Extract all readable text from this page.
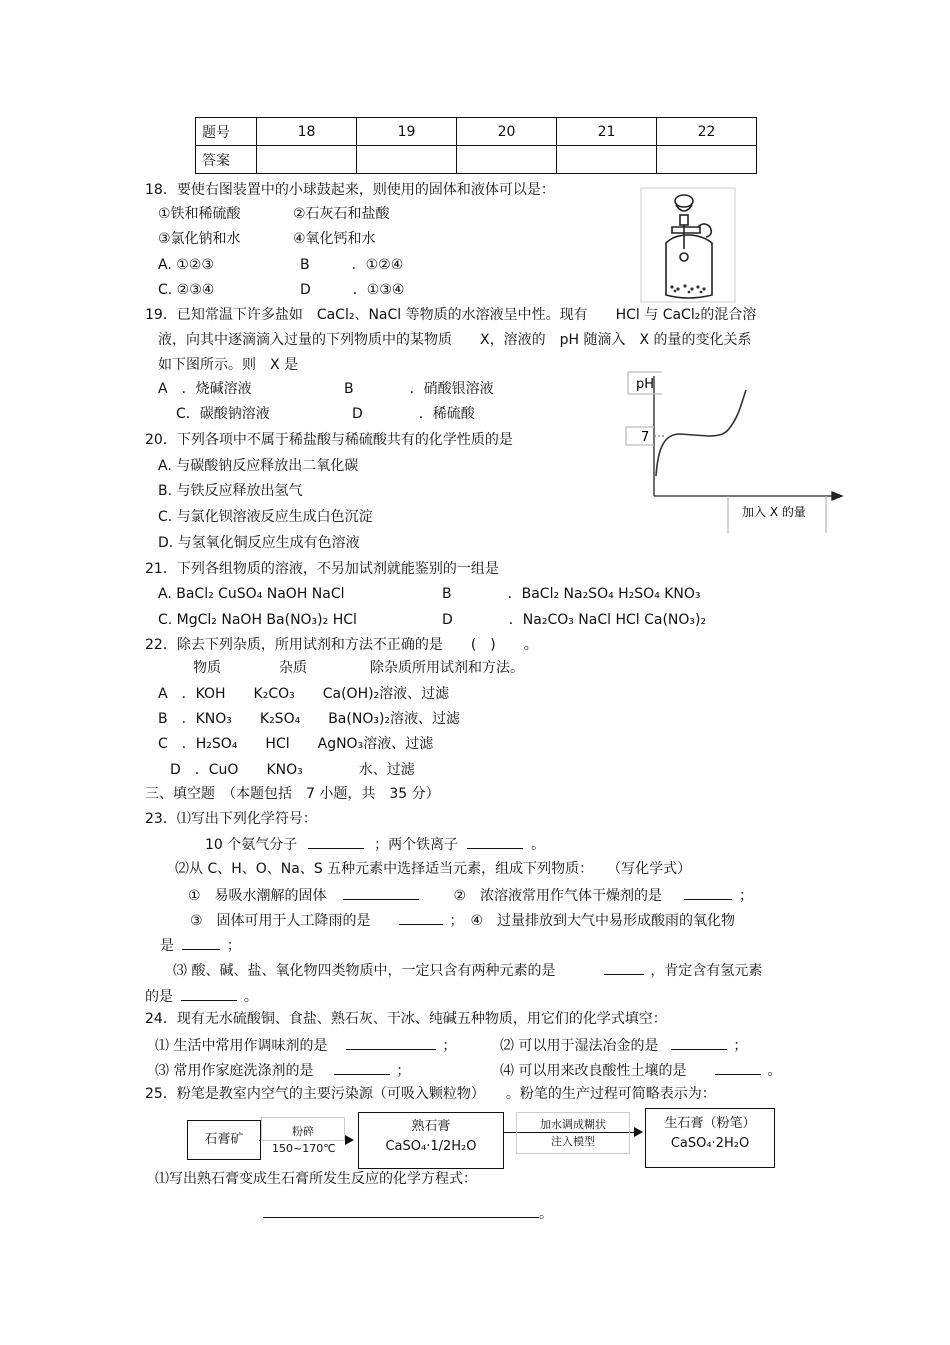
题号	18	19	20	21	22
答案					
18．要使右图装置中的小球鼓起来，则使用的固体和液体可以是：
①铁和稀硫酸	②石灰石和盐酸
③氯化钠和水	④氧化钙和水
A. ①②③	B　　　．①②④
C. ②③④	D　　　．①③④
19．已知常温下许多盐如　CaCl₂、NaCl 等物质的水溶液呈中性。现有　　HCl 与 CaCl₂的混合溶
液，向其中逐滴滴入过量的下列物质中的某物质　　X，溶液的　pH 随滴入　X 的量的变化关系
如下图所示。则　X 是
A　．烧碱溶液	B　　　　．硝酸银溶液
C．碳酸钠溶液	D　　　　．稀硫酸
pH
7
加入 X 的量
20．下列各项中不属于稀盐酸与稀硫酸共有的化学性质的是
A. 与碳酸钠反应释放出二氧化碳
B. 与铁反应释放出氢气
C. 与氯化钡溶液反应生成白色沉淀
D. 与氢氧化铜反应生成有色溶液
21．下列各组物质的溶液，不另加试剂就能鉴别的一组是
A. BaCl₂ CuSO₄ NaOH NaCl	B　　　　．BaCl₂ Na₂SO₄ H₂SO₄ KNO₃
C. MgCl₂ NaOH Ba(NO₃)₂ HCl	D　　　　．Na₂CO₃ NaCl HCl Ca(NO₃)₂
22．除去下列杂质，所用试剂和方法不正确的是　　(　)　　。
物质	杂质	除杂质所用试剂和方法。
A　．KOH　　K₂CO₃　　Ca(OH)₂溶液、过滤
B　．KNO₃　　K₂SO₄　　Ba(NO₃)₂溶液、过滤
C　．H₂SO₄　　HCl　　AgNO₃溶液、过滤
D　．CuO　　KNO₃　　　　水、过滤
三、填空题　（本题包括　7 小题，共　35 分）
23．⑴写出下列化学符号：
10 个氨气分子	；两个铁离子	。
⑵从 C、H、O、Na、S 五种元素中选择适当元素，组成下列物质：　　（写化学式）
①　易吸水潮解的固体	②　浓溶液常用作气体干燥剂的是	；
③　固体可用于人工降雨的是	；　④　过量排放到大气中易形成酸雨的氧化物
是	；
⑶ 酸、碱、盐、氧化物四类物质中，一定只含有两种元素的是	，肯定含有氢元素
的是	。
24．现有无水硫酸铜、食盐、熟石灰、干冰、纯碱五种物质，用它们的化学式填空：
⑴ 生活中常用作调味剂的是	；	⑵ 可以用于湿法冶金的是	；
⑶ 常用作家庭洗涤剂的是	；	⑷ 可以用来改良酸性土壤的是	。
25．粉笔是教室内空气的主要污染源（可吸入颗粒物）　　。粉笔的生产过程可简略表示为：
石膏矿
粉碎
150~170℃
熟石膏
CaSO₄·1/2H₂O
加水调成糊状
注入模型
生石膏（粉笔）
CaSO₄·2H₂O
⑴写出熟石膏变成生石膏所发生反应的化学方程式：
。
